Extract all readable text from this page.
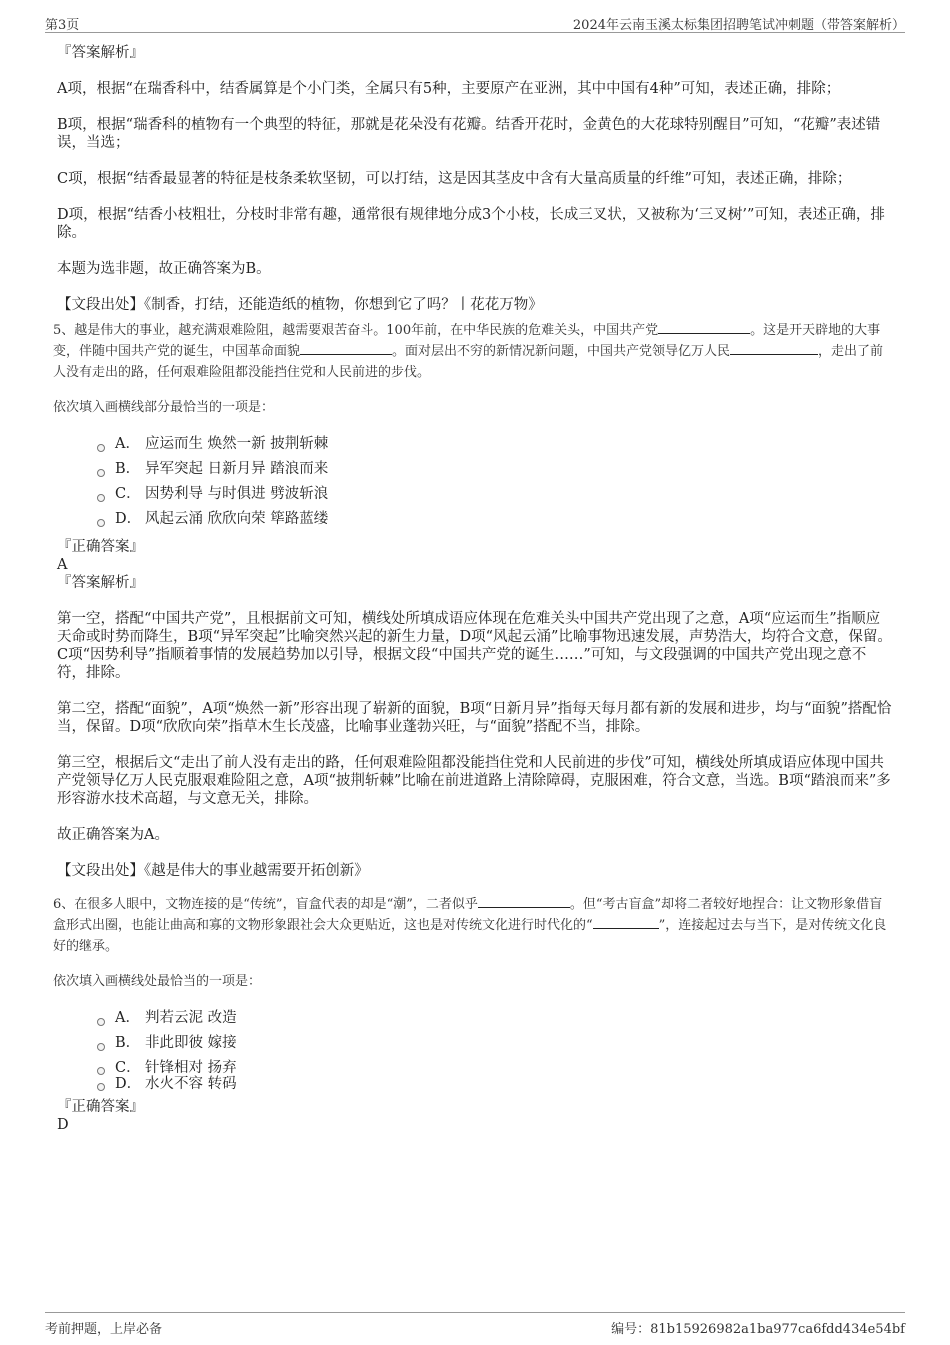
第3页	2024年云南玉溪太标集团招聘笔试冲刺题（带答案解析）

『答案解析』

A项，根据“在瑞香科中，结香属算是个小门类，全属只有5种，主要原产在亚洲，其中中国有4种”可知，表述正确，排除；

B项，根据“瑞香科的植物有一个典型的特征，那就是花朵没有花瓣。结香开花时，金黄色的大花球特别醒目”可知，“花瓣”表述错误，当选；

C项，根据“结香最显著的特征是枝条柔软坚韧，可以打结，这是因其茎皮中含有大量高质量的纤维”可知，表述正确，排除；

D项，根据“结香小枝粗壮，分枝时非常有趣，通常很有规律地分成3个小枝，长成三叉状，又被称为‘三叉树’”可知，表述正确，排除。

本题为选非题，故正确答案为B。

【文段出处】《制香，打结，还能造纸的植物，你想到它了吗？丨花花万物》

5、越是伟大的事业，越充满艰难险阻，越需要艰苦奋斗。100年前，在中华民族的危难关头，中国共产党	。这是开天辟地的大事变，伴随中国共产党的诞生，中国革命面貌	。面对层出不穷的新情况新问题，中国共产党领导亿万人民	，走出了前人没有走出的路，任何艰难险阻都没能挡住党和人民前进的步伐。

依次填入画横线部分最恰当的一项是：

A． 应运而生 焕然一新 披荆斩棘
B． 异军突起 日新月异 踏浪而来
C． 因势利导 与时俱进 劈波斩浪
D． 风起云涌 欣欣向荣 筚路蓝缕

『正确答案』

A

『答案解析』

第一空，搭配“中国共产党”，且根据前文可知，横线处所填成语应体现在危难关头中国共产党出现了之意，A项“应运而生”指顺应天命或时势而降生，B项“异军突起”比喻突然兴起的新生力量，D项“风起云涌”比喻事物迅速发展，声势浩大，均符合文意，保留。C项“因势利导”指顺着事情的发展趋势加以引导，根据文段“中国共产党的诞生……”可知，与文段强调的中国共产党出现之意不符，排除。

第二空，搭配“面貌”，A项“焕然一新”形容出现了崭新的面貌，B项“日新月异”指每天每月都有新的发展和进步，均与“面貌”搭配恰当，保留。D项“欣欣向荣”指草木生长茂盛，比喻事业蓬勃兴旺，与“面貌”搭配不当，排除。

第三空，根据后文“走出了前人没有走出的路，任何艰难险阻都没能挡住党和人民前进的步伐”可知，横线处所填成语应体现中国共产党领导亿万人民克服艰难险阻之意，A项“披荆斩棘”比喻在前进道路上清除障碍，克服困难，符合文意，当选。B项“踏浪而来”多形容游水技术高超，与文意无关，排除。

故正确答案为A。

【文段出处】《越是伟大的事业越需要开拓创新》

6、在很多人眼中，文物连接的是“传统”，盲盒代表的却是“潮”，二者似乎	。但“考古盲盒”却将二者较好地捏合：让文物形象借盲盒形式出圈，也能让曲高和寡的文物形象跟社会大众更贴近，这也是对传统文化进行时代化的“	”，连接起过去与当下，是对传统文化良好的继承。

依次填入画横线处最恰当的一项是：

A． 判若云泥 改造
B． 非此即彼 嫁接
C． 针锋相对 扬弃
D． 水火不容 转码

『正确答案』

D

考前押题，上岸必备	编号：81b15926982a1ba977ca6fdd434e54bf
